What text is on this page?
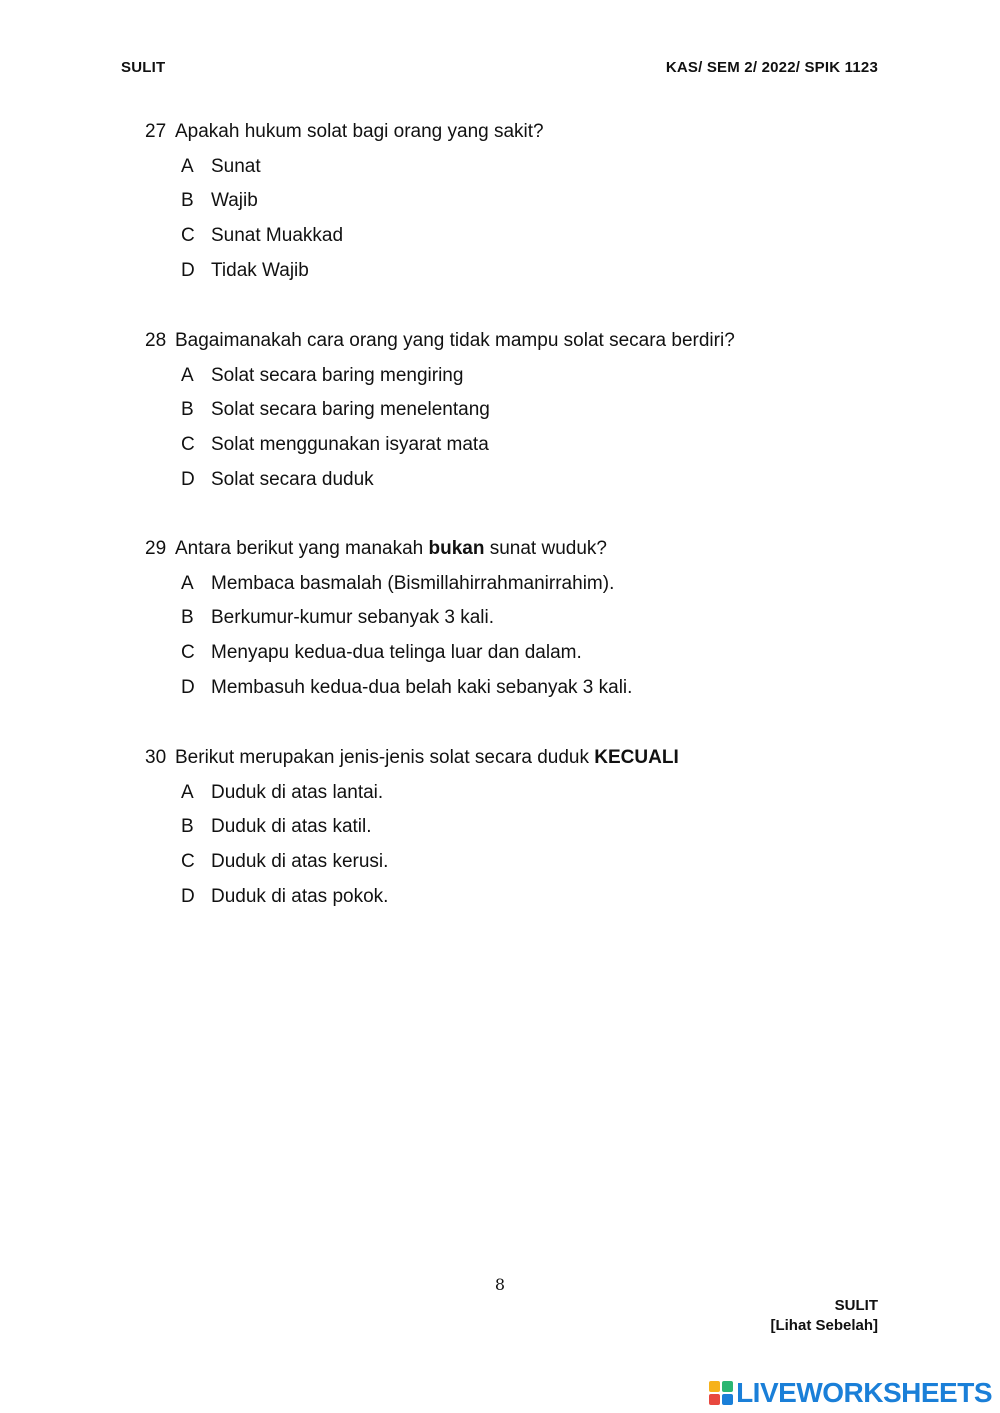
SULIT	KAS/ SEM 2/ 2022/ SPIK 1123
27 Apakah hukum solat bagi orang yang sakit?
A Sunat
B Wajib
C Sunat Muakkad
D Tidak Wajib
28 Bagaimanakah cara orang yang tidak mampu solat secara berdiri?
A Solat secara baring mengiring
B Solat secara baring menelentang
C Solat menggunakan isyarat mata
D Solat secara duduk
29 Antara berikut yang manakah bukan sunat wuduk?
A Membaca basmalah (Bismillahirrahmanirrahim).
B Berkumur-kumur sebanyak 3 kali.
C Menyapu kedua-dua telinga luar dan dalam.
D Membasuh kedua-dua belah kaki sebanyak 3 kali.
30 Berikut merupakan jenis-jenis solat secara duduk KECUALI
A Duduk di atas lantai.
B Duduk di atas katil.
C Duduk di atas kerusi.
D Duduk di atas pokok.
8
SULIT
[Lihat Sebelah]
LIVEWORKSHEETS
